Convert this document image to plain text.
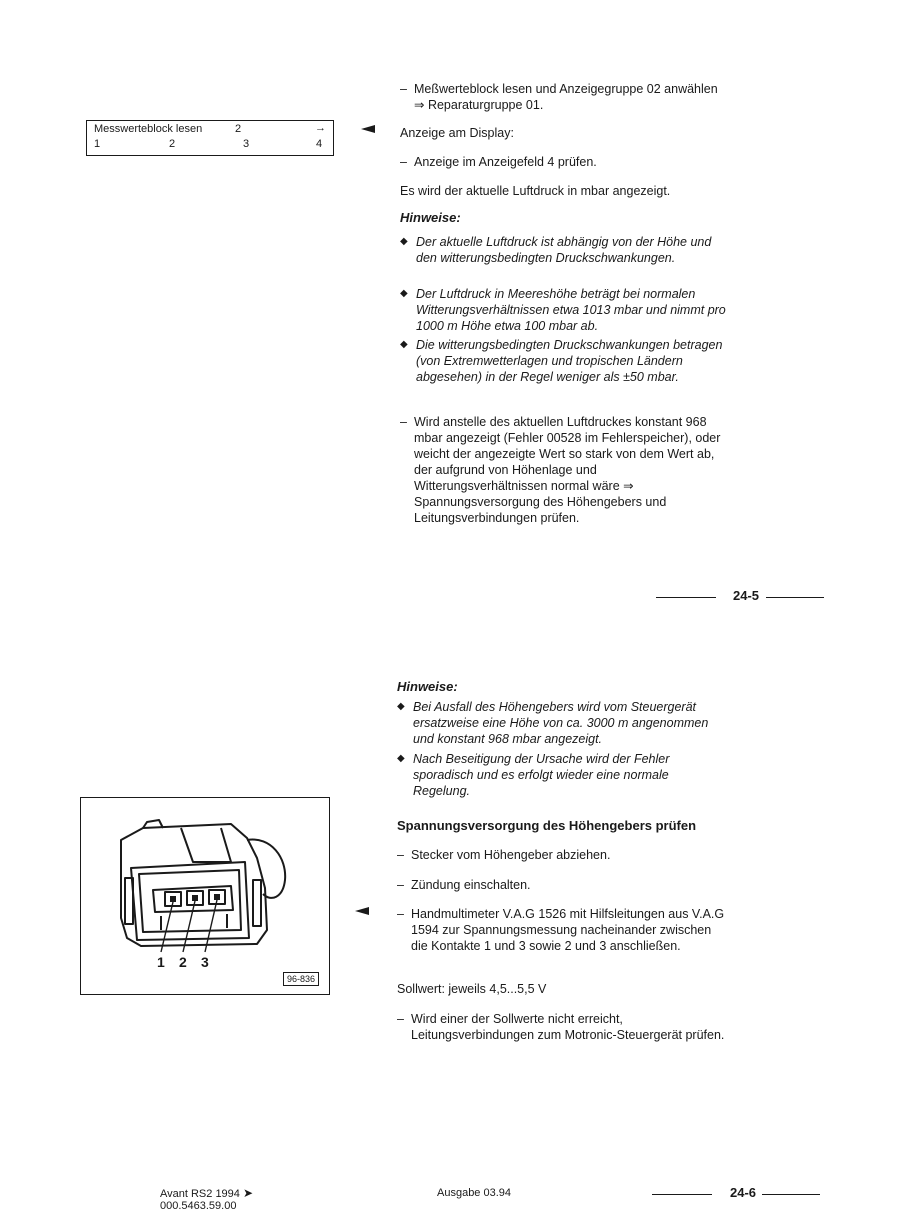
– Meßwerteblock lesen und Anzeigegruppe 02 anwählen ⇒ Reparaturgruppe 01.
Messwerteblock lesen	2	→
1	2	3	4
Anzeige am Display:
– Anzeige im Anzeigefeld 4 prüfen.
Es wird der aktuelle Luftdruck in mbar angezeigt.
Hinweise:
◆ Der aktuelle Luftdruck ist abhängig von der Höhe und den witterungsbedingten Druckschwankungen.
◆ Der Luftdruck in Meereshöhe beträgt bei normalen Witterungsverhältnissen etwa 1013 mbar und nimmt pro 1000 m Höhe etwa 100 mbar ab.
◆ Die witterungsbedingten Druckschwankungen betragen (von Extremwetterlagen und tropischen Ländern abgesehen) in der Regel weniger als ±50 mbar.
– Wird anstelle des aktuellen Luftdruckes konstant 968 mbar angezeigt (Fehler 00528 im Fehlerspeicher), oder weicht der angezeigte Wert so stark von dem Wert ab, der aufgrund von Höhenlage und Witterungsverhältnissen normal wäre ⇒ Spannungsversorgung des Höhengebers und Leitungsverbindungen prüfen.
24-5
Hinweise:
◆ Bei Ausfall des Höhengebers wird vom Steuergerät ersatzweise eine Höhe von ca. 3000 m angenommen und konstant 968 mbar angezeigt.
◆ Nach Beseitigung der Ursache wird der Fehler sporadisch und es erfolgt wieder eine normale Regelung.
Spannungsversorgung des Höhengebers prüfen
– Stecker vom Höhengeber abziehen.
– Zündung einschalten.
– Handmultimeter V.A.G 1526 mit Hilfsleitungen aus V.A.G 1594 zur Spannungsmessung nacheinander zwischen die Kontakte 1 und 3 sowie 2 und 3 anschließen.
Sollwert: jeweils 4,5...5,5 V
– Wird einer der Sollwerte nicht erreicht, Leitungsverbindungen zum Motronic-Steuergerät prüfen.
1 2 3
96-836
Avant RS2 1994 ➤
000.5463.59.00
Ausgabe 03.94	24-6
